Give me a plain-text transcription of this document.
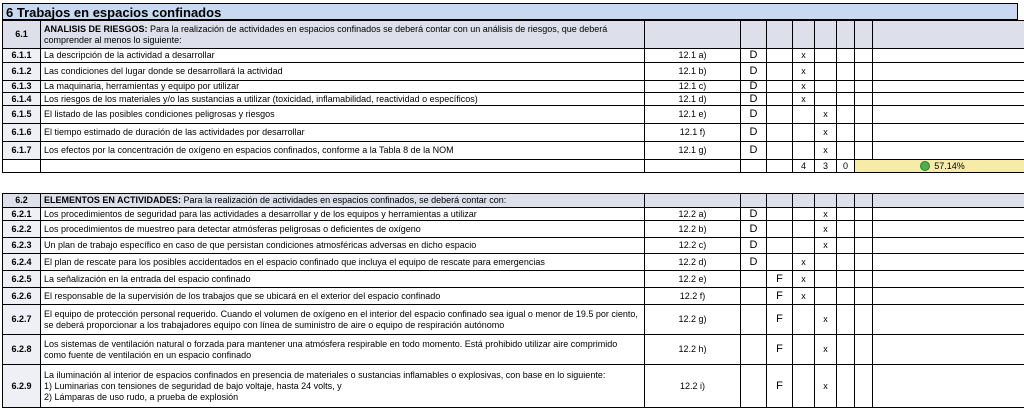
6 Trabajos en espacios confinados
6.1	ANALISIS DE RIESGOS: Para la realización de actividades en espacios confinados se deberá contar con un análisis de riesgos, que deberá comprender al menos lo siguiente:								
6.1.1	La descripción de la actividad a desarrollar	12.1 a)	D		x				
6.1.2	Las condiciones del lugar donde se desarrollará la actividad	12.1 b)	D		x				
6.1.3	La maquinaria, herramientas y equipo por utilizar	12.1 c)	D		x				
6.1.4	Los riesgos de los materiales y/o las sustancias a utilizar (toxicidad, inflamabilidad, reactividad o específicos)	12.1 d)	D		x				
6.1.5	El listado de las posibles condiciones peligrosas y riesgos	12.1 e)	D			x			
6.1.6	El tiempo estimado de duración de las actividades por desarrollar	12.1 f)	D			x			
6.1.7	Los efectos por la concentración de oxígeno en espacios confinados, conforme a la Tabla 8 de la NOM	12.1 g)	D			x			
					4	3	0	57.14%	
6.2	ELEMENTOS EN ACTIVIDADES: Para la realización de actividades en espacios confinados, se deberá contar con:								
6.2.1	Los procedimientos de seguridad para las actividades a desarrollar y de los equipos y herramientas a utilizar	12.2 a)	D			x			
6.2.2	Los procedimientos de muestreo para detectar atmósferas peligrosas o deficientes de oxígeno	12.2 b)	D			x			
6.2.3	Un plan de trabajo específico en caso de que persistan condiciones atmosféricas adversas en dicho espacio	12.2 c)	D			x			
6.2.4	El plan de rescate para los posibles accidentados en el espacio confinado que incluya el equipo de rescate para emergencias	12.2 d)	D		x				
6.2.5	La señalización en la entrada del espacio confinado	12.2 e)		F	x				
6.2.6	El responsable de la supervisión de los trabajos que se ubicará en el exterior del espacio confinado	12.2 f)		F	x				
6.2.7	El equipo de protección personal requerido. Cuando el volumen de oxígeno en el interior del espacio confinado sea igual o menor de 19.5 por ciento, se deberá proporcionar a los trabajadores equipo con línea de suministro de aire o equipo de respiración autónomo	12.2 g)		F		x			
6.2.8	Los sistemas de ventilación natural o forzada para mantener una atmósfera respirable en todo momento. Está prohibido utilizar aire comprimido como fuente de ventilación en un espacio confinado	12.2 h)		F		x			
6.2.9	La iluminación al interior de espacios confinados en presencia de materiales o sustancias inflamables o explosivas, con base en lo siguiente:
1) Luminarias con tensiones de seguridad de bajo voltaje, hasta 24 volts, y
2) Lámparas de uso rudo, a prueba de explosión	12.2 i)		F		x			
